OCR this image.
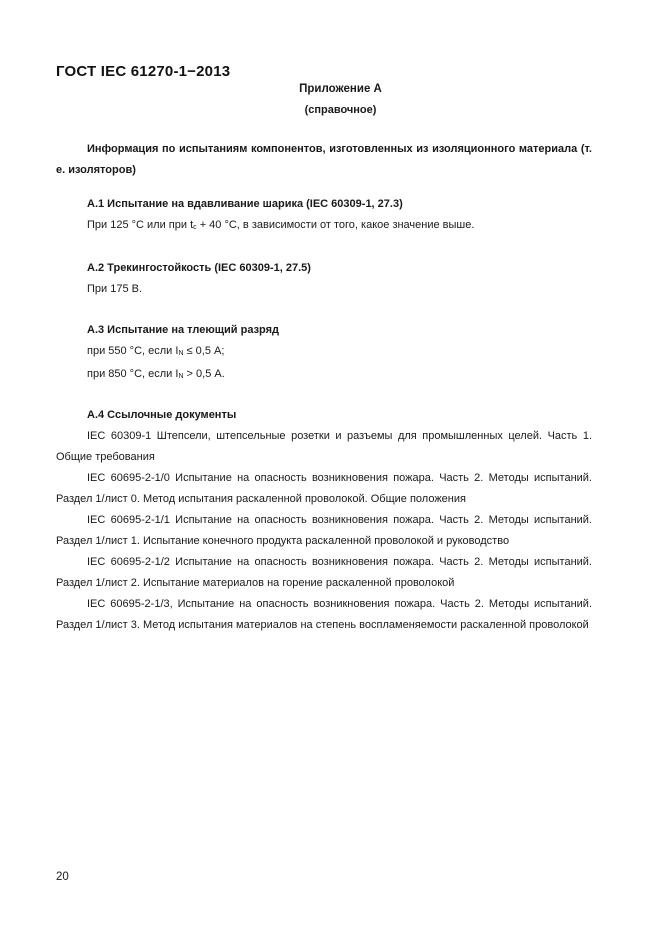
ГОСТ IEC 61270-1−2013
Приложение А
(справочное)
Информация по испытаниям компонентов, изготовленных из изоляционного материала (т. е. изоляторов)
А.1 Испытание на вдавливание шарика (IEC 60309-1, 27.3)
При 125 °С или при $t_c + 40$ °С, в зависимости от того, какое значение выше.
А.2 Трекингостойкость (IEC 60309-1, 27.5)
При 175 В.
А.3 Испытание на тлеющий разряд
при 550 °С, если $I_N \le 0,5$ А;
при 850 °С, если $I_N > 0,5$ А.
А.4 Ссылочные документы
IEC 60309-1 Штепсели, штепсельные розетки и разъемы для промышленных целей. Часть 1. Общие требования
IEC 60695-2-1/0 Испытание на опасность возникновения пожара. Часть 2. Методы испытаний. Раздел 1/лист 0. Метод испытания раскаленной проволокой. Общие положения
IEC 60695-2-1/1 Испытание на опасность возникновения пожара. Часть 2. Методы испытаний. Раздел 1/лист 1. Испытание конечного продукта раскаленной проволокой и руководство
IEC 60695-2-1/2 Испытание на опасность возникновения пожара. Часть 2. Методы испытаний. Раздел 1/лист 2. Испытание материалов на горение раскаленной проволокой
IEC 60695-2-1/3, Испытание на опасность возникновения пожара. Часть 2. Методы испытаний. Раздел 1/лист 3. Метод испытания материалов на степень воспламеняемости раскаленной проволокой
20
